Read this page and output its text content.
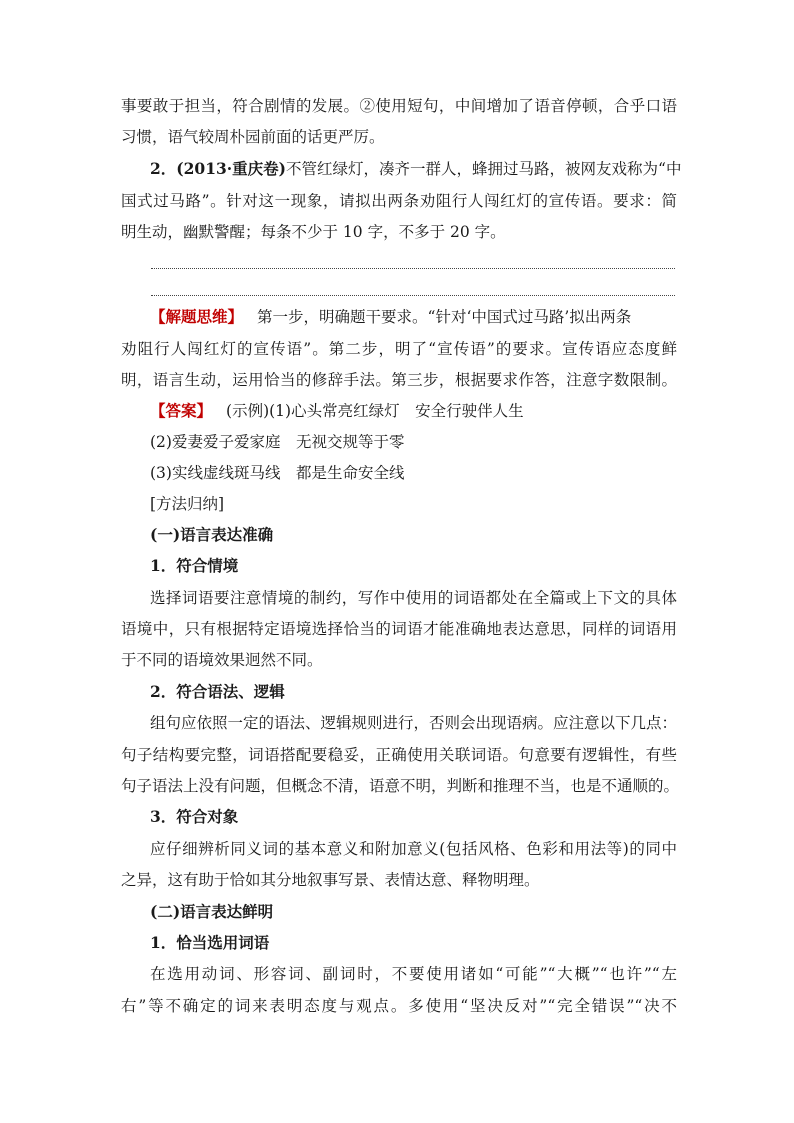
事要敢于担当，符合剧情的发展。②使用短句，中间增加了语音停顿，合乎口语
习惯，语气较周朴园前面的话更严厉。
2．(2013·重庆卷)不管红绿灯，凑齐一群人，蜂拥过马路，被网友戏称为“中
国式过马路”。针对这一现象，请拟出两条劝阻行人闯红灯的宣传语。要求：简
明生动，幽默警醒；每条不少于 10 字，不多于 20 字。
【解题思维】 第一步，明确题干要求。“针对‘中国式过马路’拟出两条
劝阻行人闯红灯的宣传语”。第二步，明了“宣传语”的要求。宣传语应态度鲜
明，语言生动，运用恰当的修辞手法。第三步，根据要求作答，注意字数限制。
【答案】 (示例)(1)心头常亮红绿灯　安全行驶伴人生
(2)爱妻爱子爱家庭　无视交规等于零
(3)实线虚线斑马线　都是生命安全线
[方法归纳]
(一)语言表达准确
1．符合情境
选择词语要注意情境的制约，写作中使用的词语都处在全篇或上下文的具体
语境中，只有根据特定语境选择恰当的词语才能准确地表达意思，同样的词语用
于不同的语境效果迥然不同。
2．符合语法、逻辑
组句应依照一定的语法、逻辑规则进行，否则会出现语病。应注意以下几点：
句子结构要完整，词语搭配要稳妥，正确使用关联词语。句意要有逻辑性，有些
句子语法上没有问题，但概念不清，语意不明，判断和推理不当，也是不通顺的。
3．符合对象
应仔细辨析同义词的基本意义和附加意义(包括风格、色彩和用法等)的同中
之异，这有助于恰如其分地叙事写景、表情达意、释物明理。
(二)语言表达鲜明
1．恰当选用词语
在选用动词、形容词、副词时，不要使用诸如“可能”“大概”“也许”“左
右”等不确定的词来表明态度与观点。多使用“坚决反对”“完全错误”“决不
